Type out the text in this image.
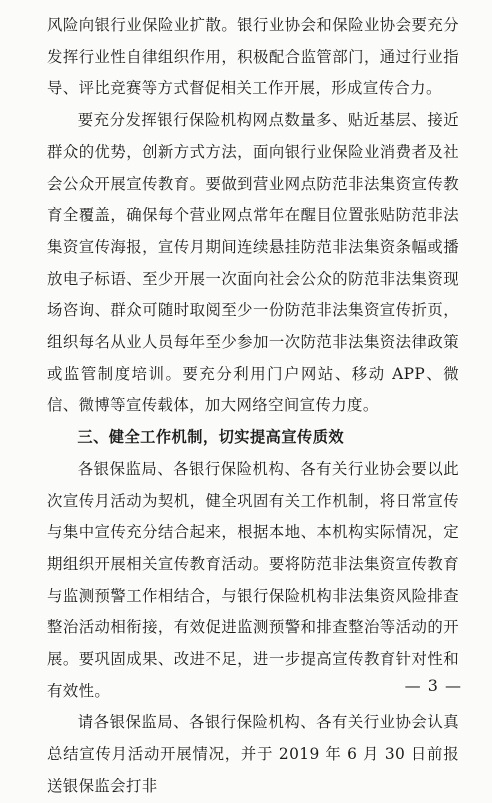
风险向银行业保险业扩散。银行业协会和保险业协会要充分发挥行业性自律组织作用，积极配合监管部门，通过行业指导、评比竞赛等方式督促相关工作开展，形成宣传合力。

要充分发挥银行保险机构网点数量多、贴近基层、接近群众的优势，创新方式方法，面向银行业保险业消费者及社会公众开展宣传教育。要做到营业网点防范非法集资宣传教育全覆盖，确保每个营业网点常年在醒目位置张贴防范非法集资宣传海报，宣传月期间连续悬挂防范非法集资条幅或播放电子标语、至少开展一次面向社会公众的防范非法集资现场咨询、群众可随时取阅至少一份防范非法集资宣传折页，组织每名从业人员每年至少参加一次防范非法集资法律政策或监管制度培训。要充分利用门户网站、移动 APP、微信、微博等宣传载体，加大网络空间宣传力度。

三、健全工作机制，切实提高宣传质效

各银保监局、各银行保险机构、各有关行业协会要以此次宣传月活动为契机，健全巩固有关工作机制，将日常宣传与集中宣传充分结合起来，根据本地、本机构实际情况，定期组织开展相关宣传教育活动。要将防范非法集资宣传教育与监测预警工作相结合，与银行保险机构非法集资风险排查整治活动相衔接，有效促进监测预警和排查整治等活动的开展。要巩固成果、改进不足，进一步提高宣传教育针对性和有效性。

请各银保监局、各银行保险机构、各有关行业协会认真总结宣传月活动开展情况，并于 2019 年 6 月 30 日前报送银保监会打非

— 3 —
